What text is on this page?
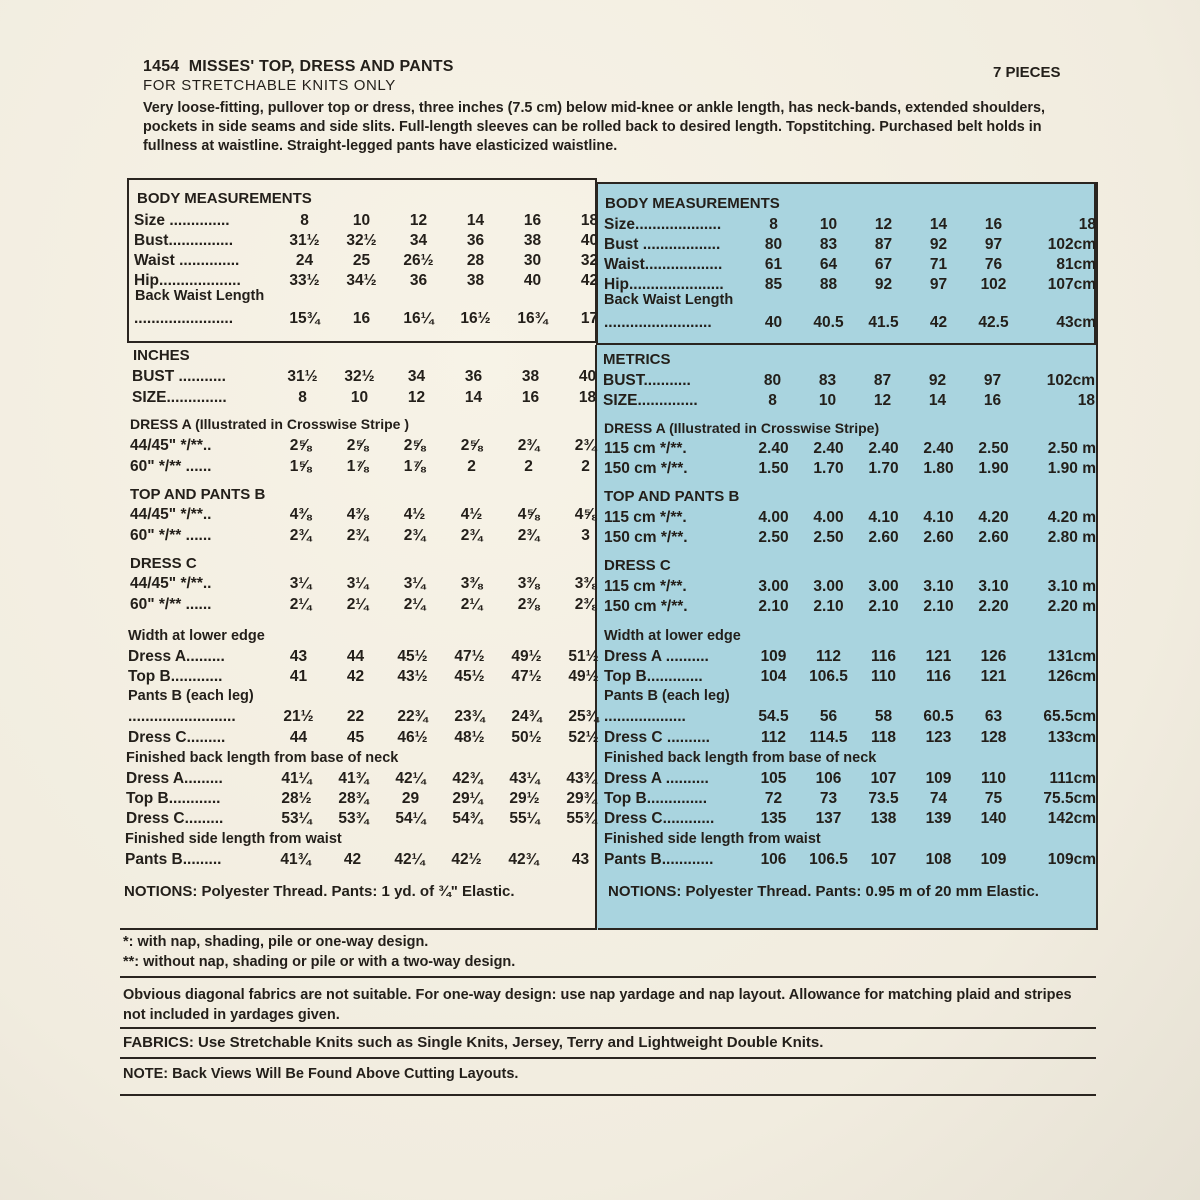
1454 MISSES' TOP, DRESS AND PANTS	7 PIECES
FOR STRETCHABLE KNITS ONLY
Very loose-fitting, pullover top or dress, three inches (7.5 cm) below mid-knee or ankle length, has neck-bands, extended shoulders, pockets in side seams and side slits. Full-length sleeves can be rolled back to desired length. Topstitching. Purchased belt holds in fullness at waistline. Straight-legged pants have elasticized waistline.
BODY MEASUREMENTS
Back Waist Length
INCHES
DRESS A (Illustrated in Crosswise Stripe )
TOP AND PANTS B
DRESS C
Width at lower edge
Pants B (each leg)
Finished back length from base of neck
Finished side length from waist
NOTIONS: Polyester Thread. Pants: 1 yd. of ¾" Elastic.
BODY MEASUREMENTS
Back Waist Length
METRICS
DRESS A (Illustrated in Crosswise Stripe)
TOP AND PANTS B
DRESS C
Width at lower edge
Pants B (each leg)
Finished back length from base of neck
Finished side length from waist
NOTIONS: Polyester Thread. Pants: 0.95 m of 20 mm Elastic.
Size ..............	8	10	12	14	16	18
Bust...............	31½	32½	34	36	38	40
Waist ..............	24	25	26½	28	30	32
Hip...................	33½	34½	36	38	40	42
.......................	15¾	16	16¼	16½	16¾	17
BUST ...........	31½	32½	34	36	38	40
SIZE..............	8	10	12	14	16	18
44/45" */**..	2⅝	2⅝	2⅝	2⅝	2¾	2¾
60" */** ......	1⅝	1⅞	1⅞	2	2	2
44/45" */**..	4⅜	4⅜	4½	4½	4⅝	4⅝
60" */** ......	2¾	2¾	2¾	2¾	2¾	3
44/45" */**..	3¼	3¼	3¼	3⅜	3⅜	3⅜
60" */** ......	2¼	2¼	2¼	2¼	2⅜	2⅜
Dress A.........	43	44	45½	47½	49½	51½
Top B............	41	42	43½	45½	47½	49½
.........................	21½	22	22¾	23¾	24¾	25¾
Dress C.........	44	45	46½	48½	50½	52½
Dress A.........	41¼	41¾	42¼	42¾	43¼	43¾
Top B............	28½	28¾	29	29¼	29½	29¾
Dress C.........	53¼	53¾	54¼	54¾	55¼	55¾
Pants B.........	41¾	42	42¼	42½	42¾	43
Size....................	8	10	12	14	16	18
Bust ..................	80	83	87	92	97	102cm
Waist..................	61	64	67	71	76	81cm
Hip......................	85	88	92	97	102	107cm
.........................	40	40.5	41.5	42	42.5	43cm
BUST...........	80	83	87	92	97	102cm
SIZE..............	8	10	12	14	16	18
115 cm */**.	2.40	2.40	2.40	2.40	2.50	2.50 m
150 cm */**.	1.50	1.70	1.70	1.80	1.90	1.90 m
115 cm */**.	4.00	4.00	4.10	4.10	4.20	4.20 m
150 cm */**.	2.50	2.50	2.60	2.60	2.60	2.80 m
115 cm */**.	3.00	3.00	3.00	3.10	3.10	3.10 m
150 cm */**.	2.10	2.10	2.10	2.10	2.20	2.20 m
Dress A ..........	109	112	116	121	126	131cm
Top B.............	104	106.5	110	116	121	126cm
...................	54.5	56	58	60.5	63	65.5cm
Dress C ..........	112	114.5	118	123	128	133cm
Dress A ..........	105	106	107	109	110	111cm
Top B..............	72	73	73.5	74	75	75.5cm
Dress C............	135	137	138	139	140	142cm
Pants B............	106	106.5	107	108	109	109cm
*: with nap, shading, pile or one-way design.
**: without nap, shading or pile or with a two-way design.
Obvious diagonal fabrics are not suitable. For one-way design: use nap yardage and nap layout. Allowance for matching plaid and stripes not included in yardages given.
FABRICS: Use Stretchable Knits such as Single Knits, Jersey, Terry and Lightweight Double Knits.
NOTE: Back Views Will Be Found Above Cutting Layouts.
